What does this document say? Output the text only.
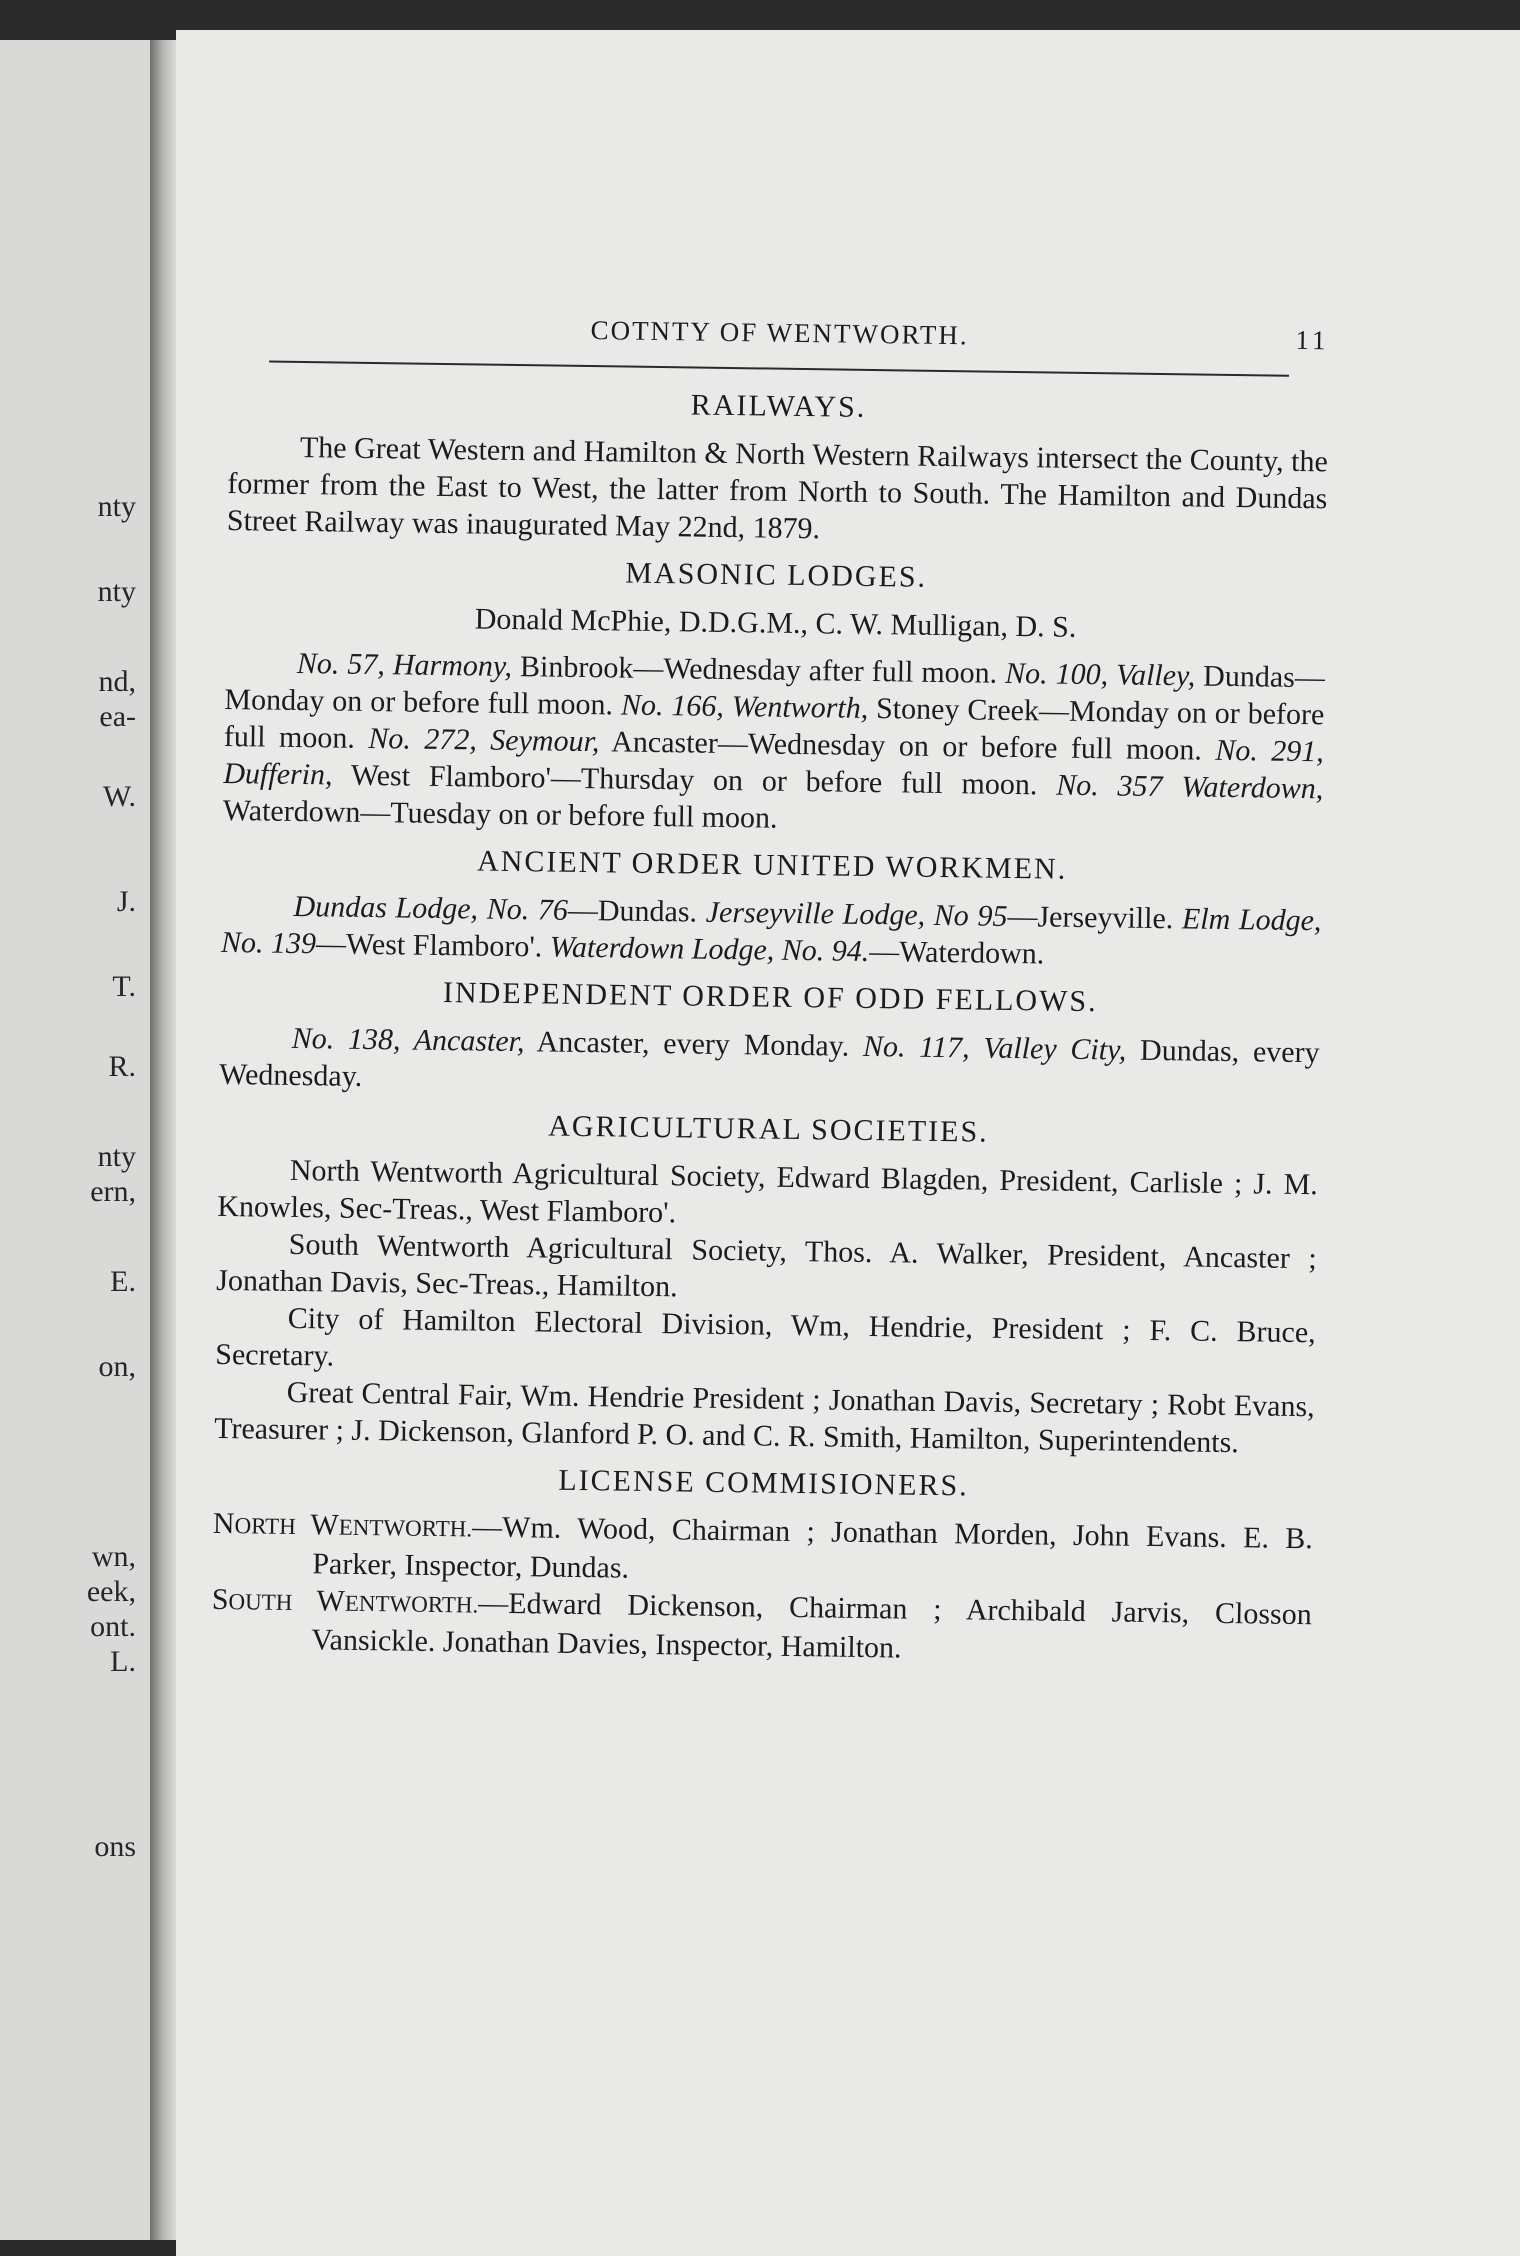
nty
nty
nd,
ea-
W.
J.
T.
R.
nty
ern,
E.
on,
wn,
eek,
ont.
L.
ons
COTNTY OF WENTWORTH.	11
RAILWAYS.

The Great Western and Hamilton & North Western Railways intersect the County, the former from the East to West, the latter from North to South. The Hamilton and Dundas Street Railway was inaugurated May 22nd, 1879.

MASONIC LODGES.

Donald McPhie, D.D.G.M., C. W. Mulligan, D. S.

No. 57, Harmony, Binbrook—Wednesday after full moon. No. 100, Valley, Dundas—Monday on or before full moon. No. 166, Wentworth, Stoney Creek—Monday on or before full moon. No. 272, Seymour, Ancaster—Wednesday on or before full moon. No. 291, Dufferin, West Flamboro'—Thursday on or before full moon. No. 357 Waterdown, Waterdown—Tuesday on or before full moon.

ANCIENT ORDER UNITED WORKMEN.

Dundas Lodge, No. 76—Dundas. Jerseyville Lodge, No 95—Jerseyville. Elm Lodge, No. 139—West Flamboro'. Waterdown Lodge, No. 94.—Waterdown.

INDEPENDENT ORDER OF ODD FELLOWS.

No. 138, Ancaster, Ancaster, every Monday. No. 117, Valley City, Dundas, every Wednesday.

AGRICULTURAL SOCIETIES.

North Wentworth Agricultural Society, Edward Blagden, President, Carlisle ; J. M. Knowles, Sec-Treas., West Flamboro'.

South Wentworth Agricultural Society, Thos. A. Walker, President, Ancaster ; Jonathan Davis, Sec-Treas., Hamilton.

City of Hamilton Electoral Division, Wm, Hendrie, President ; F. C. Bruce, Secretary.

Great Central Fair, Wm. Hendrie President ; Jonathan Davis, Secretary ; Robt Evans, Treasurer ; J. Dickenson, Glanford P. O. and C. R. Smith, Hamilton, Superintendents.

LICENSE COMMISIONERS.

NORTH WENTWORTH.—Wm. Wood, Chairman ; Jonathan Morden, John Evans. E. B. Parker, Inspector, Dundas.

SOUTH WENTWORTH.—Edward Dickenson, Chairman ; Archibald Jarvis, Closson Vansickle. Jonathan Davies, Inspector, Hamilton.
